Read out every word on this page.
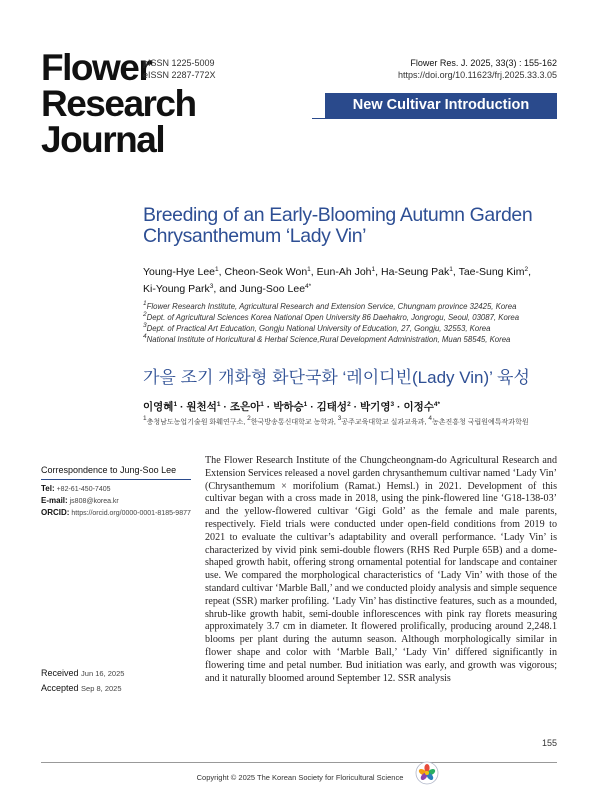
Flower
Research
Journal
pISSN 1225-5009
eISSN 2287-772X
Flower Res. J. 2025, 33(3) : 155-162
https://doi.org/10.11623/frj.2025.33.3.05
New Cultivar Introduction
Breeding of an Early-Blooming Autumn Garden
Chrysanthemum ‘Lady Vin’
Young-Hye Lee$^1$, Cheon-Seok Won$^1$, Eun-Ah Joh$^1$, Ha-Seung Pak$^1$, Tae-Sung Kim$^2$,
Ki-Young Park$^3$, and Jung-Soo Lee$^{4*}$
$^1$Flower Research Institute, Agricultural Research and Extension Service, Chungnam province 32425, Korea
$^2$Dept. of Agricultural Sciences Korea National Open University 86 Daehakro, Jongrogu, Seoul, 03087, Korea
$^3$Dept. of Practical Art Education, Gongju National University of Education, 27, Gongju, 32553, Korea
$^4$National Institute of Horicultural & Herbal Science,Rural Development Administration, Muan 58545, Korea
가을 조기 개화형 화단국화 ‘레이디빈(Lady Vin)’ 육성
이영혜$^1$ · 원천석$^1$ · 조은아$^1$ · 박하승$^1$ · 김태성$^2$ · 박기영$^3$ · 이정수$^{4*}$
$^1$충청남도농업기술원 화훼연구소, $^2$한국방송통신대학교 농학과, $^3$공주교육대학교 실과교육과, $^4$농촌진흥청 국립원예특작과학원
Correspondence to Jung-Soo Lee
Tel: +82-61-450-7405
E-mail: js808@korea.kr
ORCID: https://orcid.org/0000-0001-8185-9877
Received Jun 16, 2025
Accepted Sep 8, 2025

The Flower Research Institute of the Chungcheongnam-do Agricultural Research and Extension Services released a novel garden chrysanthemum cultivar named ‘Lady Vin’ (Chrysanthemum × morifolium (Ramat.) Hemsl.) in 2021. Development of this cultivar began with a cross made in 2018, using the pink-flowered line ‘G18-138-03’ and the yellow-flowered cultivar ‘Gigi Gold’ as the female and male parents, respectively. Field trials were conducted under open-field conditions from 2019 to 2021 to evaluate the cultivar’s adaptability and overall performance. ‘Lady Vin’ is characterized by vivid pink semi-double flowers (RHS Red Purple 65B) and a dome-shaped growth habit, offering strong ornamental potential for landscape and container use. We compared the morphological characteristics of ‘Lady Vin’ with those of the standard cultivar ‘Marble Ball,’ and we conducted ploidy analysis and simple sequence repeat (SSR) marker profiling. ‘Lady Vin’ has distinctive features, such as a mounded, shrub-like growth habit, semi-double inflorescences with pink ray florets measuring approximately 3.7 cm in diameter. It flowered prolifically, producing around 2,248.1 blooms per plant during the autumn season. Although morphologically similar in flower shape and color with ‘Marble Ball,’ ‘Lady Vin’ differed significantly in flowering time and petal number. Bud initiation was early, and growth was vigorous; and it naturally bloomed around September 12. SSR analysis

155
Copyright © 2025 The Korean Society for Floricultural Science
